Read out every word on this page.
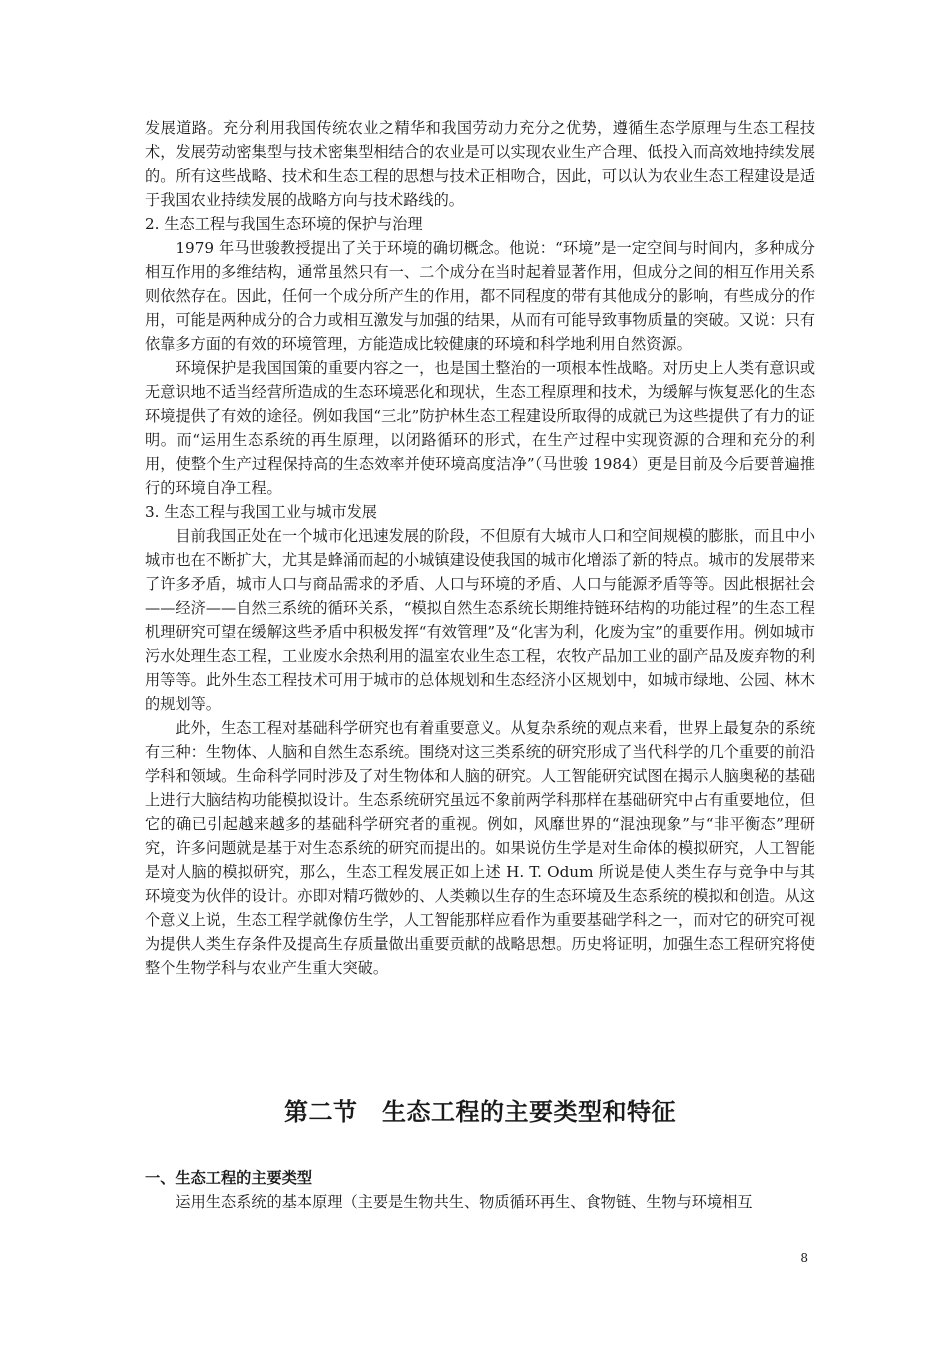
发展道路。充分利用我国传统农业之精华和我国劳动力充分之优势，遵循生态学原理与生态工程技术，发展劳动密集型与技术密集型相结合的农业是可以实现农业生产合理、低投入而高效地持续发展的。所有这些战略、技术和生态工程的思想与技术正相吻合，因此，可以认为农业生态工程建设是适于我国农业持续发展的战略方向与技术路线的。

2. 生态工程与我国生态环境的保护与治理

1979 年马世骏教授提出了关于环境的确切概念。他说：“环境”是一定空间与时间内，多种成分相互作用的多维结构，通常虽然只有一、二个成分在当时起着显著作用，但成分之间的相互作用关系则依然存在。因此，任何一个成分所产生的作用，都不同程度的带有其他成分的影响，有些成分的作用，可能是两种成分的合力或相互激发与加强的结果，从而有可能导致事物质量的突破。又说：只有依靠多方面的有效的环境管理，方能造成比较健康的环境和科学地利用自然资源。

环境保护是我国国策的重要内容之一，也是国土整治的一项根本性战略。对历史上人类有意识或无意识地不适当经营所造成的生态环境恶化和现状，生态工程原理和技术，为缓解与恢复恶化的生态环境提供了有效的途径。例如我国“三北”防护林生态工程建设所取得的成就已为这些提供了有力的证明。而“运用生态系统的再生原理，以闭路循环的形式，在生产过程中实现资源的合理和充分的利用，使整个生产过程保持高的生态效率并使环境高度洁净”（马世骏 1984）更是目前及今后要普遍推行的环境自净工程。

3. 生态工程与我国工业与城市发展

目前我国正处在一个城市化迅速发展的阶段，不但原有大城市人口和空间规模的膨胀，而且中小城市也在不断扩大，尤其是蜂涌而起的小城镇建设使我国的城市化增添了新的特点。城市的发展带来了许多矛盾，城市人口与商品需求的矛盾、人口与环境的矛盾、人口与能源矛盾等等。因此根据社会——经济——自然三系统的循环关系，“模拟自然生态系统长期维持链环结构的功能过程”的生态工程机理研究可望在缓解这些矛盾中积极发挥“有效管理”及“化害为利，化废为宝”的重要作用。例如城市污水处理生态工程，工业废水余热利用的温室农业生态工程，农牧产品加工业的副产品及废弃物的利用等等。此外生态工程技术可用于城市的总体规划和生态经济小区规划中，如城市绿地、公园、林木的规划等。

此外，生态工程对基础科学研究也有着重要意义。从复杂系统的观点来看，世界上最复杂的系统有三种：生物体、人脑和自然生态系统。围绕对这三类系统的研究形成了当代科学的几个重要的前沿学科和领域。生命科学同时涉及了对生物体和人脑的研究。人工智能研究试图在揭示人脑奥秘的基础上进行大脑结构功能模拟设计。生态系统研究虽远不象前两学科那样在基础研究中占有重要地位，但它的确已引起越来越多的基础科学研究者的重视。例如，风靡世界的“混浊现象”与“非平衡态”理研究，许多问题就是基于对生态系统的研究而提出的。如果说仿生学是对生命体的模拟研究，人工智能是对人脑的模拟研究，那么，生态工程发展正如上述 H. T. Odum 所说是使人类生存与竞争中与其环境变为伙伴的设计。亦即对精巧微妙的、人类赖以生存的生态环境及生态系统的模拟和创造。从这个意义上说，生态工程学就像仿生学，人工智能那样应看作为重要基础学科之一，而对它的研究可视为提供人类生存条件及提高生存质量做出重要贡献的战略思想。历史将证明，加强生态工程研究将使整个生物学科与农业产生重大突破。

第二节　生态工程的主要类型和特征
一、生态工程的主要类型
运用生态系统的基本原理（主要是生物共生、物质循环再生、食物链、生物与环境相互
8
